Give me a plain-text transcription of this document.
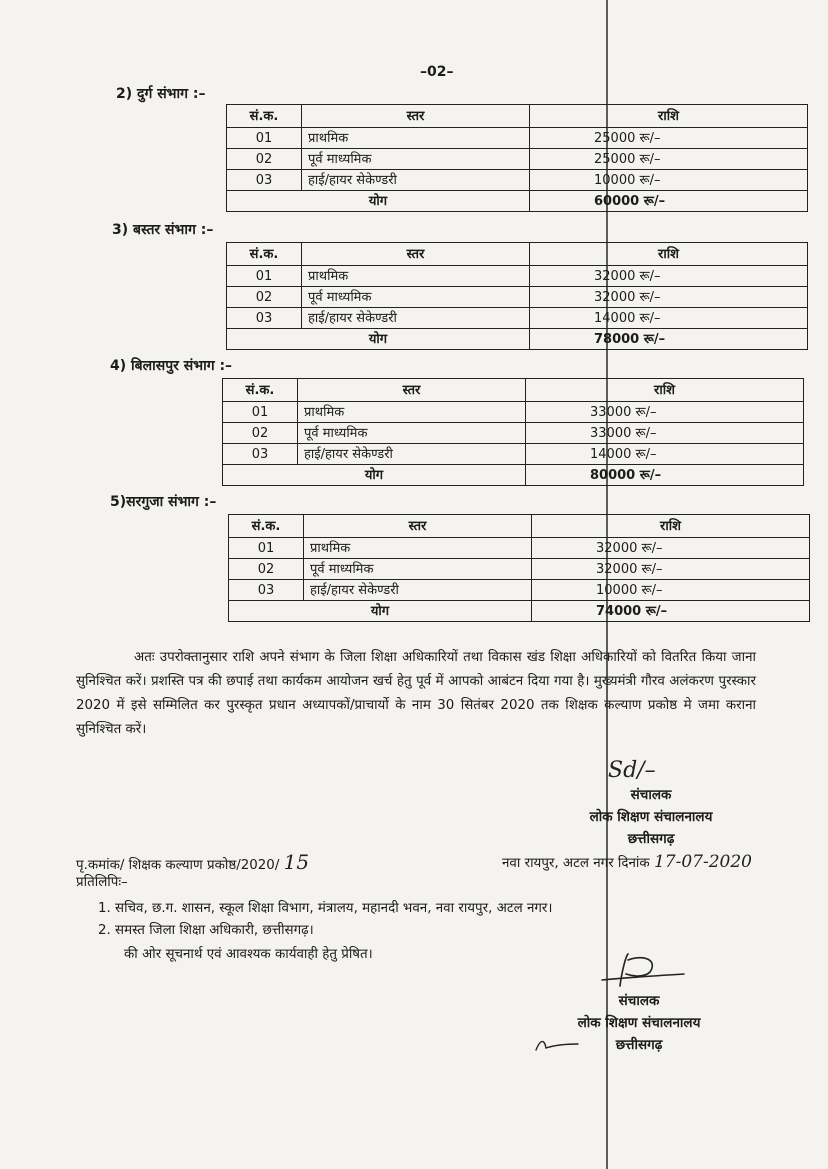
–02–
2) दुर्ग संभाग :–
सं.क.	स्तर	राशि
01	प्राथमिक	25000 रू/–
02	पूर्व माध्यमिक	25000 रू/–
03	हाई/हायर सेकेण्डरी	10000 रू/–
योग		60000 रू/–
3) बस्तर संभाग :–
सं.क.	स्तर	राशि
01	प्राथमिक	32000 रू/–
02	पूर्व माध्यमिक	32000 रू/–
03	हाई/हायर सेकेण्डरी	14000 रू/–
योग		78000 रू/–
4) बिलासपुर संभाग :–
सं.क.	स्तर	राशि
01	प्राथमिक	33000 रू/–
02	पूर्व माध्यमिक	33000 रू/–
03	हाई/हायर सेकेण्डरी	14000 रू/–
योग		80000 रू/–
5)सरगुजा संभाग :–
सं.क.	स्तर	राशि
01	प्राथमिक	32000 रू/–
02	पूर्व माध्यमिक	32000 रू/–
03	हाई/हायर सेकेण्डरी	10000 रू/–
योग		74000 रू/–
अतः उपरोक्तानुसार राशि अपने संभाग के जिला शिक्षा अधिकारियों तथा विकास खंड शिक्षा अधिकारियों को वितरित किया जाना सुनिश्चित करें। प्रशस्ति पत्र की छपाई तथा कार्यकम आयोजन खर्च हेतु पूर्व में आपको आबंटन दिया गया है। मुख्यमंत्री गौरव अलंकरण पुरस्कार 2020 में इसे सम्मिलित कर पुरस्कृत प्रधान अध्यापकों/प्राचार्यो के नाम 30 सितंबर 2020 तक शिक्षक कल्याण प्रकोष्ठ मे जमा कराना सुनिश्चित करें।
Sd/–
संचालक
लोक शिक्षण संचालनालय
छत्तीसगढ़
पृ.कमांक/ शिक्षक कल्याण प्रकोष्ठ/2020/ 15	नवा रायपुर, अटल नगर दिनांक 17-07-2020
प्रतिलिपिः–
1. सचिव, छ.ग. शासन, स्कूल शिक्षा विभाग, मंत्रालय, महानदी भवन, नवा रायपुर, अटल नगर।
2. समस्त जिला शिक्षा अधिकारी, छत्तीसगढ़।
की ओर सूचनार्थ एवं आवश्यक कार्यवाही हेतु प्रेषित।
संचालक
लोक शिक्षण संचालनालय
छत्तीसगढ़
